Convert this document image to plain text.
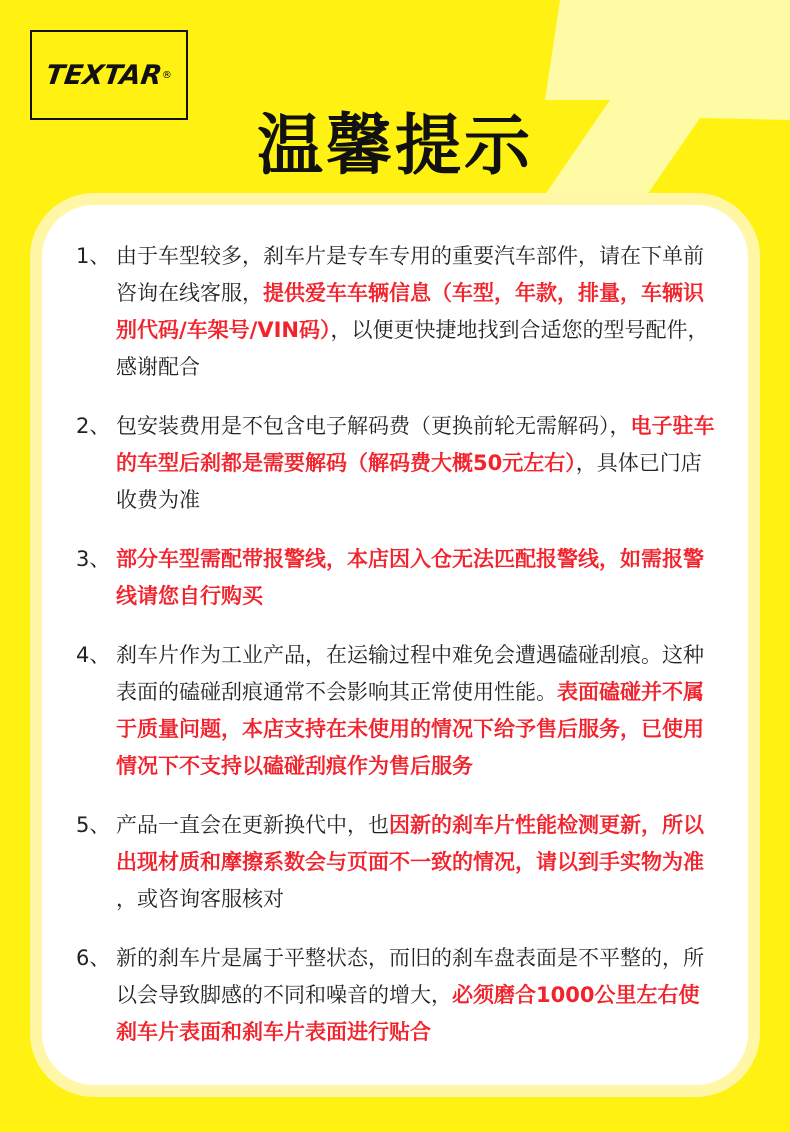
TEXTAR
®
温馨提示
1、 由于车型较多，刹车片是专车专用的重要汽车部件，请在下单前咨询在线客服，提供爱车车辆信息（车型，年款，排量，车辆识别代码/车架号/VIN码），以便更快捷地找到合适您的型号配件，感谢配合
2、 包安装费用是不包含电子解码费（更换前轮无需解码），电子驻车的车型后刹都是需要解码（解码费大概50元左右），具体已门店收费为准
3、 部分车型需配带报警线，本店因入仓无法匹配报警线，如需报警线请您自行购买
4、 刹车片作为工业产品，在运输过程中难免会遭遇磕碰刮痕。这种表面的磕碰刮痕通常不会影响其正常使用性能。表面磕碰并不属于质量问题，本店支持在未使用的情况下给予售后服务，已使用情况下不支持以磕碰刮痕作为售后服务
5、 产品一直会在更新换代中，也因新的刹车片性能检测更新，所以出现材质和摩擦系数会与页面不一致的情况，请以到手实物为准 ，或咨询客服核对
6、 新的刹车片是属于平整状态，而旧的刹车盘表面是不平整的，所以会导致脚感的不同和噪音的增大，必须磨合1000公里左右使刹车片表面和刹车片表面进行贴合
